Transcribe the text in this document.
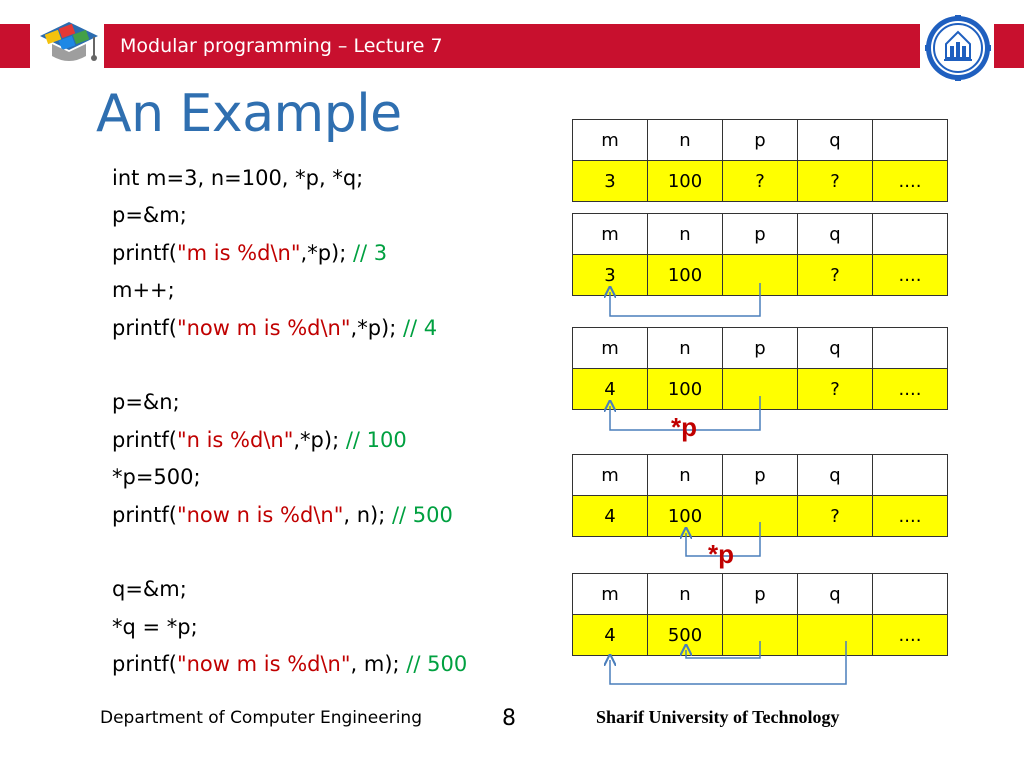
Modular programming – Lecture 7
An Example
int m=3, n=100, *p, *q;
p=&m;
printf("m is %d\n",*p); // 3
m++;
printf("now m is %d\n",*p); // 4
p=&n;
printf("n is %d\n",*p); // 100
*p=500;
printf("now n is %d\n", n); // 500
q=&m;
*q = *p;
printf("now m is %d\n", m); // 500
m	n	p	q	
3	100	?	?	....
m	n	p	q	
3	100		?	....
m	n	p	q	
4	100		?	....
m	n	p	q	
4	100		?	....
m	n	p	q	
4	500			....
*p
*p
Department of Computer Engineering	8	Sharif University of Technology
